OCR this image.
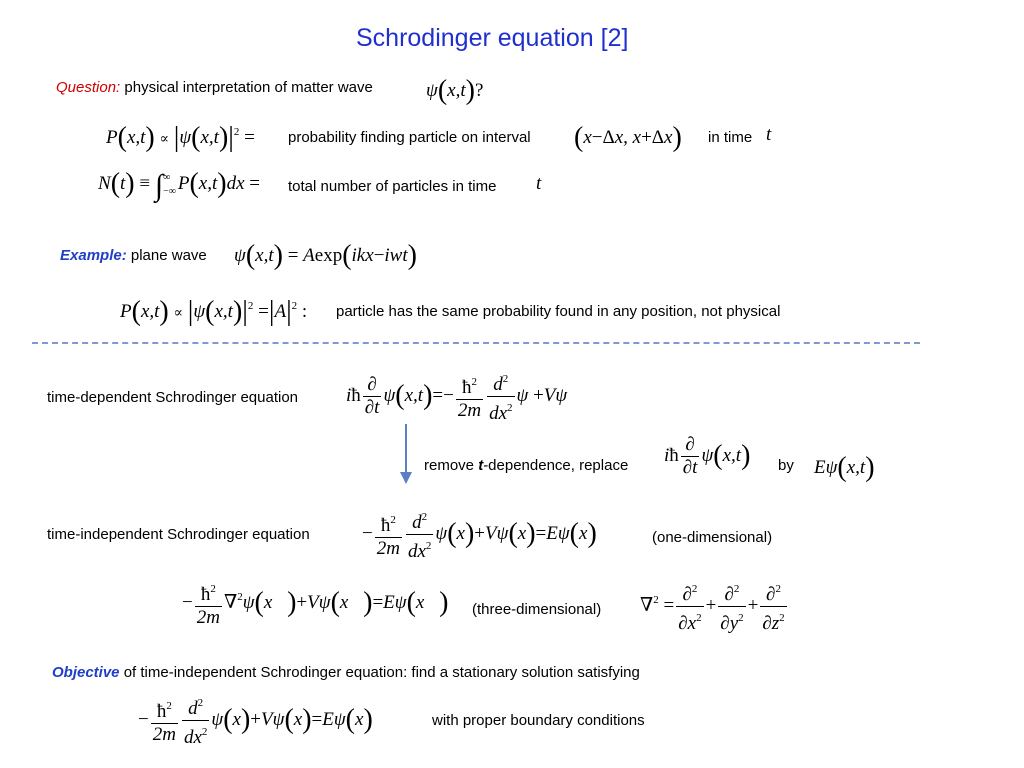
Schrodinger equation [2]
Question: physical interpretation of matter wave	ψ(x,t)?
$P(x,t) \propto |\psi(x,t)|^2$ = probability finding particle on interval (x−Δx, x+Δx) in time t
N(t) ≡ ∫∞
−∞ P(x,t)dx = total number of particles in time t
Example: plane wave ψ(x,t) = Aexp(ikx−iwt)
$P(x,t) \propto |\psi(x,t)|^2 =|A|^2$ : particle has the same probability found in any position, not physical
time-dependent Schrodinger equation	iħ $\frac{\partial}{\partial t} \psi(x,t)=- \frac{ħ^2}{2m} \frac{d^2}{dx^2}$ ψ +Vψ
remove t-dependence, replace iħ $\frac{\partial}{\partial t} \psi(x,t)$ by Eψ(x,t)
time-independent Schrodinger equation	− $\frac{ħ^2}{2m} \frac{d^2}{dx^2} \psi(x)+V\psi(x)=E\psi(x)$	(one-dimensional)
− $\frac{ħ^2}{2m}$ ∇$^2$ψ(x⃗)+Vψ(x⃗)=Eψ(x⃗) (three-dimensional) $\nabla^2 = \frac{\partial^2}{\partial x^2} + \frac{\partial^2}{\partial y^2} + \frac{\partial^2}{\partial z^2}$
Objective of time-independent Schrodinger equation: find a stationary solution satisfying
− $\frac{ħ^2}{2m} \frac{d^2}{dx^2} \psi(x)+V\psi(x)=E\psi(x)$	with proper boundary conditions
